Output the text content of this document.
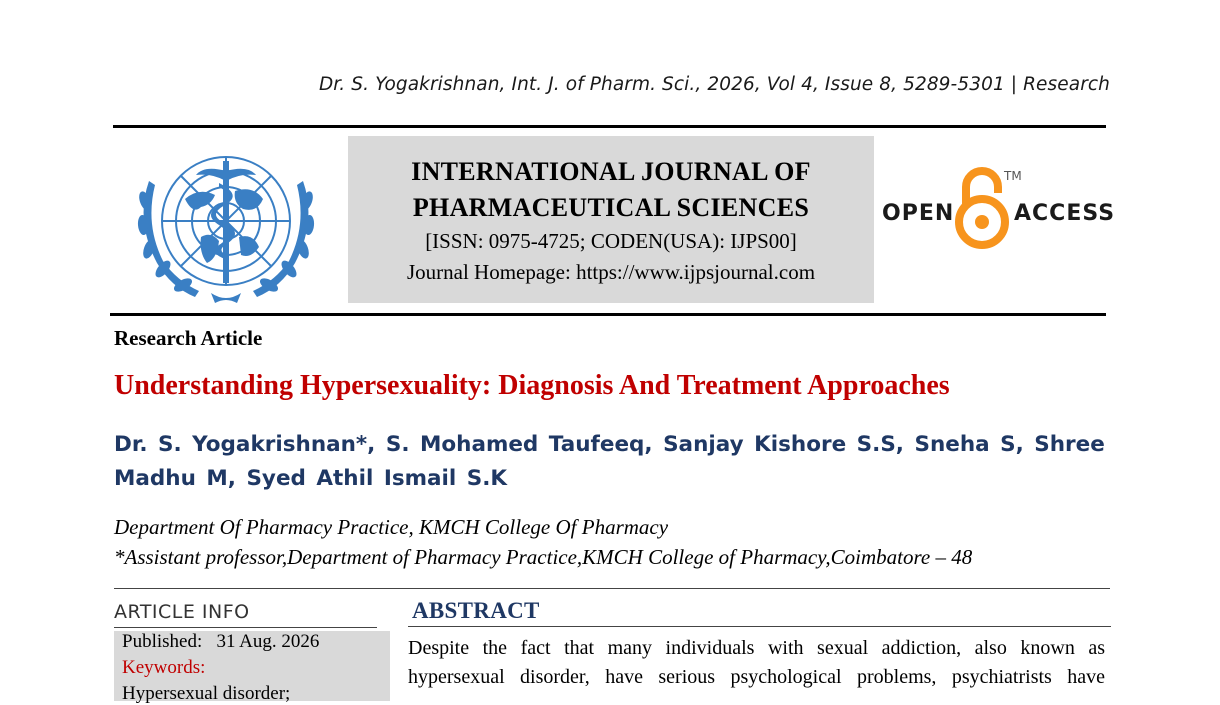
Dr. S. Yogakrishnan, Int. J. of Pharm. Sci., 2026, Vol 4, Issue 8, 5289-5301 | Research
INTERNATIONAL JOURNAL OF
PHARMACEUTICAL SCIENCES
[ISSN: 0975-4725; CODEN(USA): IJPS00]
Journal Homepage: https://www.ijpsjournal.com
OPEN
TM
ACCESS
Research Article
Understanding Hypersexuality: Diagnosis And Treatment Approaches
Dr. S. Yogakrishnan*, S. Mohamed Taufeeq, Sanjay Kishore S.S, Sneha S, Shree
Madhu M, Syed Athil Ismail S.K
Department Of Pharmacy Practice, KMCH College Of Pharmacy
*Assistant professor,Department of Pharmacy Practice,KMCH College of Pharmacy,Coimbatore – 48
ARTICLE INFO
Published:   31 Aug. 2026
Keywords:
Hypersexual disorder;
ABSTRACT
Despite the fact that many individuals with sexual addiction, also known as
hypersexual disorder, have serious psychological problems, psychiatrists have
